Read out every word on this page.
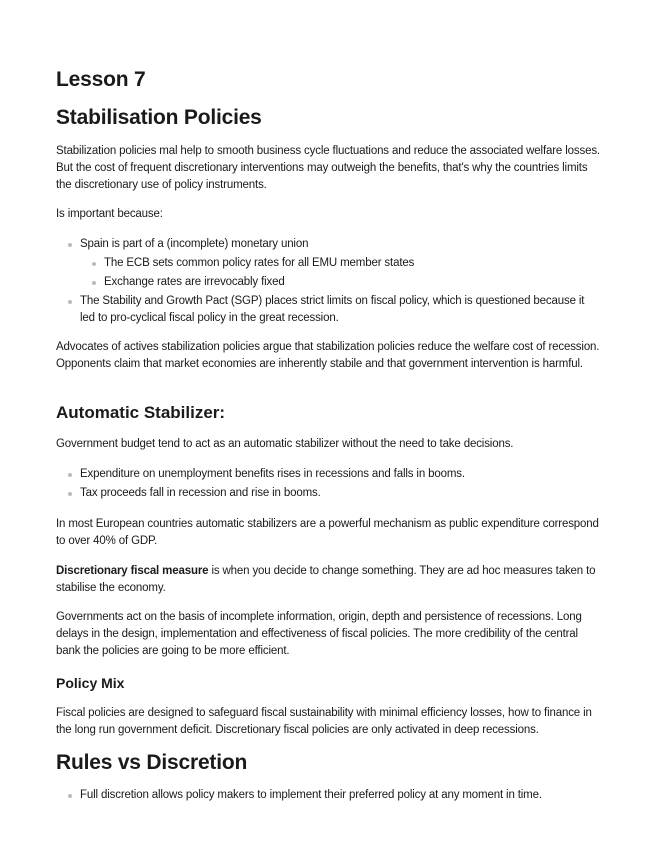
Lesson 7
Stabilisation Policies

Stabilization policies mal help to smooth business cycle fluctuations and reduce the associated welfare losses. But the cost of frequent discretionary interventions may outweigh the benefits, that's why the countries limits the discretionary use of policy instruments.

Is important because:

Spain is part of a (incomplete) monetary union
The ECB sets common policy rates for all EMU member states
Exchange rates are irrevocably fixed
The Stability and Growth Pact (SGP) places strict limits on fiscal policy, which is questioned because it led to pro-cyclical fiscal policy in the great recession.

Advocates of actives stabilization policies argue that stabilization policies reduce the welfare cost of recession. Opponents claim that market economies are inherently stabile and that government intervention is harmful.

Automatic Stabilizer:

Government budget tend to act as an automatic stabilizer without the need to take decisions.

Expenditure on unemployment benefits rises in recessions and falls in booms.
Tax proceeds fall in recession and rise in booms.

In most European countries automatic stabilizers are a powerful mechanism as public expenditure correspond to over 40% of GDP.

Discretionary fiscal measure is when you decide to change something. They are ad hoc measures taken to stabilise the economy.

Governments act on the basis of incomplete information, origin, depth and persistence of recessions. Long delays in the design, implementation and effectiveness of fiscal policies. The more credibility of the central bank the policies are going to be more efficient.

Policy Mix

Fiscal policies are designed to safeguard fiscal sustainability with minimal efficiency losses, how to finance in the long run government deficit. Discretionary fiscal policies are only activated in deep recessions.

Rules vs Discretion
Full discretion allows policy makers to implement their preferred policy at any moment in time.
